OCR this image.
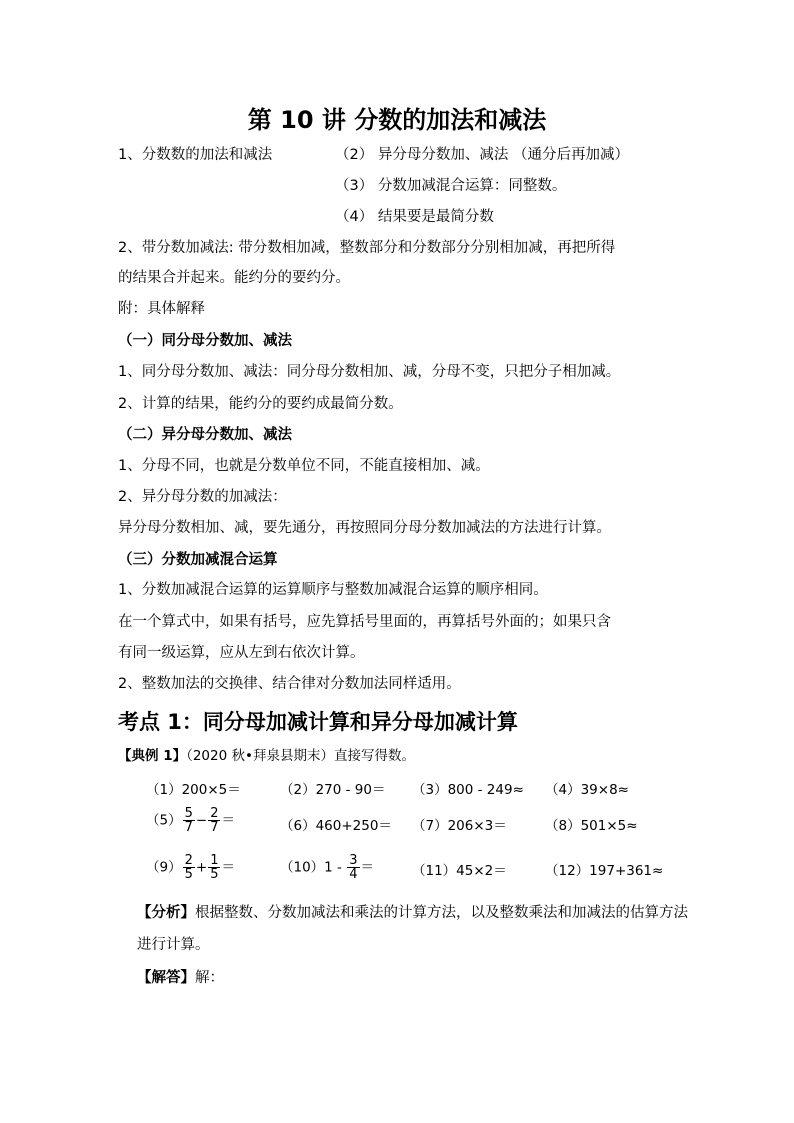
第 10 讲 分数的加法和减法
1、分数数的加法和减法	（2） 异分母分数加、减法 （通分后再加减）
（3） 分数加减混合运算：同整数。
（4） 结果要是最简分数
2、带分数加减法: 带分数相加减，整数部分和分数部分分别相加减，再把所得
的结果合并起来。能约分的要约分。
附：具体解释
（一）同分母分数加、减法
1、同分母分数加、减法：同分母分数相加、减，分母不变，只把分子相加减。
2、计算的结果，能约分的要约成最简分数。
（二）异分母分数加、减法
1、分母不同，也就是分数单位不同，不能直接相加、减。
2、异分母分数的加减法：
异分母分数相加、减，要先通分，再按照同分母分数加减法的方法进行计算。
（三）分数加减混合运算
1、分数加减混合运算的运算顺序与整数加减混合运算的顺序相同。
在一个算式中，如果有括号，应先算括号里面的，再算括号外面的；如果只含
有同一级运算，应从左到右依次计算。
2、整数加法的交换律、结合律对分数加法同样适用。
考点 1：同分母加减计算和异分母加减计算
【典例 1】（2020 秋•拜泉县期末）直接写得数。
（1）200×5＝	（2）270 - 90＝ （3）800 - 249≈ （4）39×8≈
$(5) \frac{5}{7} - \frac{2}{7}$ ＝	（6）460+250＝ （7）206×3＝	（8）501×5≈
$(9) \frac{2}{5} + \frac{1}{5}$ ＝	$(10)1 - \frac{3}{4}$ ＝	（11）45×2＝	（12）197+361≈
【分析】根据整数、分数加减法和乘法的计算方法，以及整数乘法和加减法的估算方法
进行计算。
【解答】解：
